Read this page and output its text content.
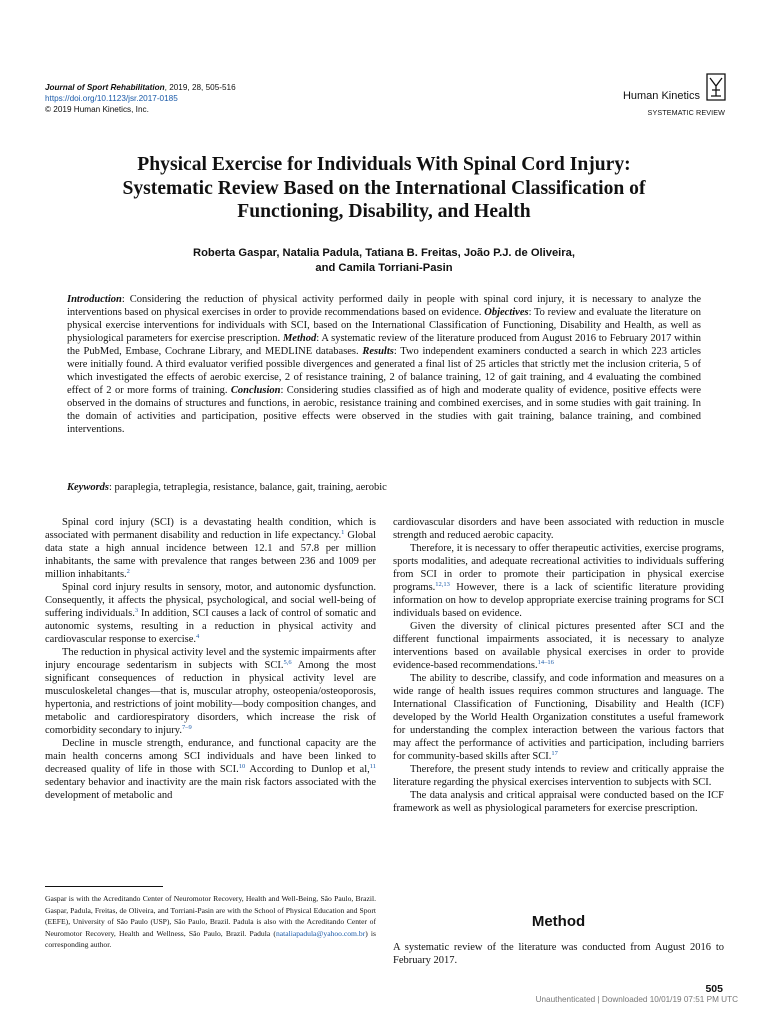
Journal of Sport Rehabilitation, 2019, 28, 505-516
https://doi.org/10.1123/jsr.2017-0185
© 2019 Human Kinetics, Inc.
Human Kinetics
SYSTEMATIC REVIEW
Physical Exercise for Individuals With Spinal Cord Injury:
Systematic Review Based on the International Classification of
Functioning, Disability, and Health
Roberta Gaspar, Natalia Padula, Tatiana B. Freitas, João P.J. de Oliveira,
and Camila Torriani-Pasin
Introduction: Considering the reduction of physical activity performed daily in people with spinal cord injury, it is necessary to analyze the interventions based on physical exercises in order to provide recommendations based on evidence. Objectives: To review and evaluate the literature on physical exercise interventions for individuals with SCI, based on the International Classification of Functioning, Disability and Health, as well as physiological parameters for exercise prescription. Method: A systematic review of the literature produced from August 2016 to February 2017 within the PubMed, Embase, Cochrane Library, and MEDLINE databases. Results: Two independent examiners conducted a search in which 223 articles were initially found. A third evaluator verified possible divergences and generated a final list of 25 articles that strictly met the inclusion criteria, 5 of which investigated the effects of aerobic exercise, 2 of resistance training, 2 of balance training, 12 of gait training, and 4 evaluating the combined effect of 2 or more forms of training. Conclusion: Considering studies classified as of high and moderate quality of evidence, positive effects were observed in the domains of structures and functions, in aerobic, resistance training and combined exercises, and in some studies with gait training. In the domain of activities and participation, positive effects were observed in the studies with gait training, balance training, and combined interventions.
Keywords: paraplegia, tetraplegia, resistance, balance, gait, training, aerobic

Spinal cord injury (SCI) is a devastating health condition, which is associated with permanent disability and reduction in life expectancy.$^1$ Global data state a high annual incidence between 12.1 and 57.8 per million inhabitants, the same with prevalence that ranges between 236 and 1009 per million inhabitants.$^2$

Spinal cord injury results in sensory, motor, and autonomic dysfunction. Consequently, it affects the physical, psychological, and social well-being of suffering individuals.$^3$ In addition, SCI causes a lack of control of somatic and autonomic systems, resulting in a reduction in physical activity and cardiovascular response to exercise.$^4$

The reduction in physical activity level and the systemic impairments after injury encourage sedentarism in subjects with SCI.$^{5,6}$ Among the most significant consequences of reduction in physical activity level are musculoskeletal changes—that is, muscular atrophy, osteopenia/osteoporosis, hypertonia, and restrictions of joint mobility—body composition changes, and metabolic and cardiorespiratory disorders, which increase the risk of comorbidity secondary to injury.$^{7-9}$

Decline in muscle strength, endurance, and functional capacity are the main health concerns among SCI individuals and have been linked to decreased quality of life in those with SCI.$^{10}$ According to Dunlop et al,$^{11}$ sedentary behavior and inactivity are the main risk factors associated with the development of metabolic and

cardiovascular disorders and have been associated with reduction in muscle strength and reduced aerobic capacity.

Therefore, it is necessary to offer therapeutic activities, exercise programs, sports modalities, and adequate recreational activities to individuals suffering from SCI in order to promote their participation in physical exercise programs.$^{12,13}$ However, there is a lack of scientific literature providing information on how to develop appropriate exercise training programs for SCI individuals based on evidence.

Given the diversity of clinical pictures presented after SCI and the different functional impairments associated, it is necessary to analyze interventions based on available physical exercises in order to provide evidence-based recommendations.$^{14-16}$

The ability to describe, classify, and code information and measures on a wide range of health issues requires common structures and language. The International Classification of Functioning, Disability and Health (ICF) developed by the World Health Organization constitutes a useful framework for understanding the complex interaction between the various factors that may affect the performance of activities and participation, including barriers for community-based skills after SCI.$^{17}$

Therefore, the present study intends to review and critically appraise the literature regarding the physical exercises intervention to subjects with SCI.

The data analysis and critical appraisal were conducted based on the ICF framework as well as physiological parameters for exercise prescription.

Gaspar is with the Acreditando Center of Neuromotor Recovery, Health and Well-Being, São Paulo, Brazil. Gaspar, Padula, Freitas, de Oliveira, and Torriani-Pasin are with the School of Physical Education and Sport (EEFE), University of São Paulo (USP), São Paulo, Brazil. Padula is also with the Acreditando Center of Neuromotor Recovery, Health and Wellness, São Paulo, Brazil. Padula (nataliapadula@yahoo.com.br) is corresponding author.
Method
A systematic review of the literature was conducted from August 2016 to February 2017.
505
Unauthenticated | Downloaded 10/01/19 07:51 PM UTC
